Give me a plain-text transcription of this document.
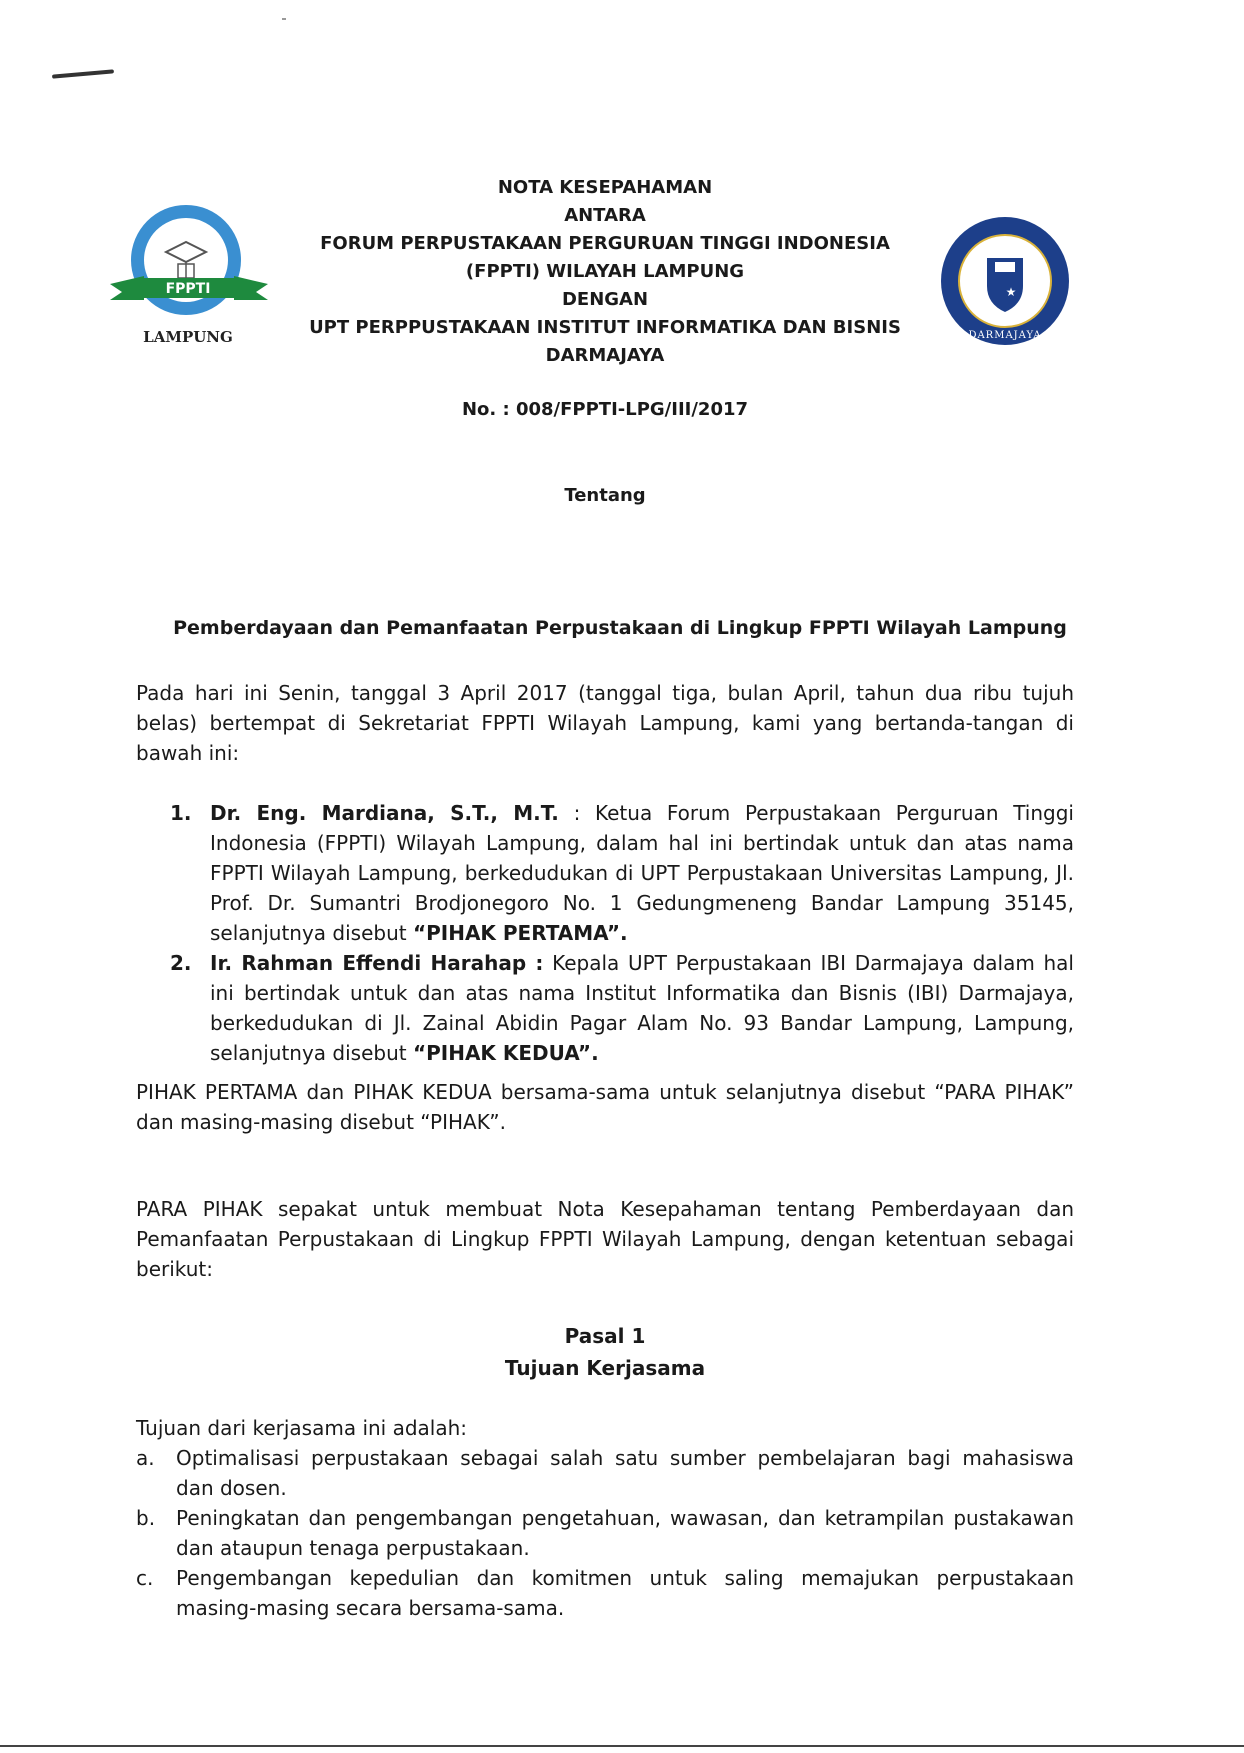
FPPTI
LAMPUNG
★
DARMAJAYA
NOTA KESEPAHAMAN
ANTARA
FORUM PERPUSTAKAAN PERGURUAN TINGGI INDONESIA
(FPPTI) WILAYAH LAMPUNG
DENGAN
UPT PERPPUSTAKAAN INSTITUT INFORMATIKA DAN BISNIS
DARMAJAYA
No. : 008/FPPTI-LPG/III/2017
Tentang
Pemberdayaan dan Pemanfaatan Perpustakaan di Lingkup FPPTI Wilayah Lampung
Pada hari ini Senin, tanggal 3 April 2017 (tanggal tiga, bulan April, tahun dua ribu tujuh belas) bertempat di Sekretariat FPPTI Wilayah Lampung, kami yang bertanda-tangan di bawah ini:
1. Dr. Eng. Mardiana, S.T., M.T. : Ketua Forum Perpustakaan Perguruan Tinggi Indonesia (FPPTI) Wilayah Lampung, dalam hal ini bertindak untuk dan atas nama FPPTI Wilayah Lampung, berkedudukan di UPT Perpustakaan Universitas Lampung, Jl. Prof. Dr. Sumantri Brodjonegoro No. 1 Gedungmeneng Bandar Lampung 35145, selanjutnya disebut “PIHAK PERTAMA”.
2. Ir. Rahman Effendi Harahap : Kepala UPT Perpustakaan IBI Darmajaya dalam hal ini bertindak untuk dan atas nama Institut Informatika dan Bisnis (IBI) Darmajaya, berkedudukan di Jl. Zainal Abidin Pagar Alam No. 93 Bandar Lampung, Lampung, selanjutnya disebut “PIHAK KEDUA”.
PIHAK PERTAMA dan PIHAK KEDUA bersama-sama untuk selanjutnya disebut “PARA PIHAK” dan masing-masing disebut “PIHAK”.
PARA PIHAK sepakat untuk membuat Nota Kesepahaman tentang Pemberdayaan dan Pemanfaatan Perpustakaan di Lingkup FPPTI Wilayah Lampung, dengan ketentuan sebagai berikut:
Pasal 1
Tujuan Kerjasama
Tujuan dari kerjasama ini adalah:
a.	Optimalisasi perpustakaan sebagai salah satu sumber pembelajaran bagi mahasiswa dan dosen.
b.	Peningkatan dan pengembangan pengetahuan, wawasan, dan ketrampilan pustakawan dan ataupun tenaga perpustakaan.
c.	Pengembangan kepedulian dan komitmen untuk saling memajukan perpustakaan masing-masing secara bersama-sama.
